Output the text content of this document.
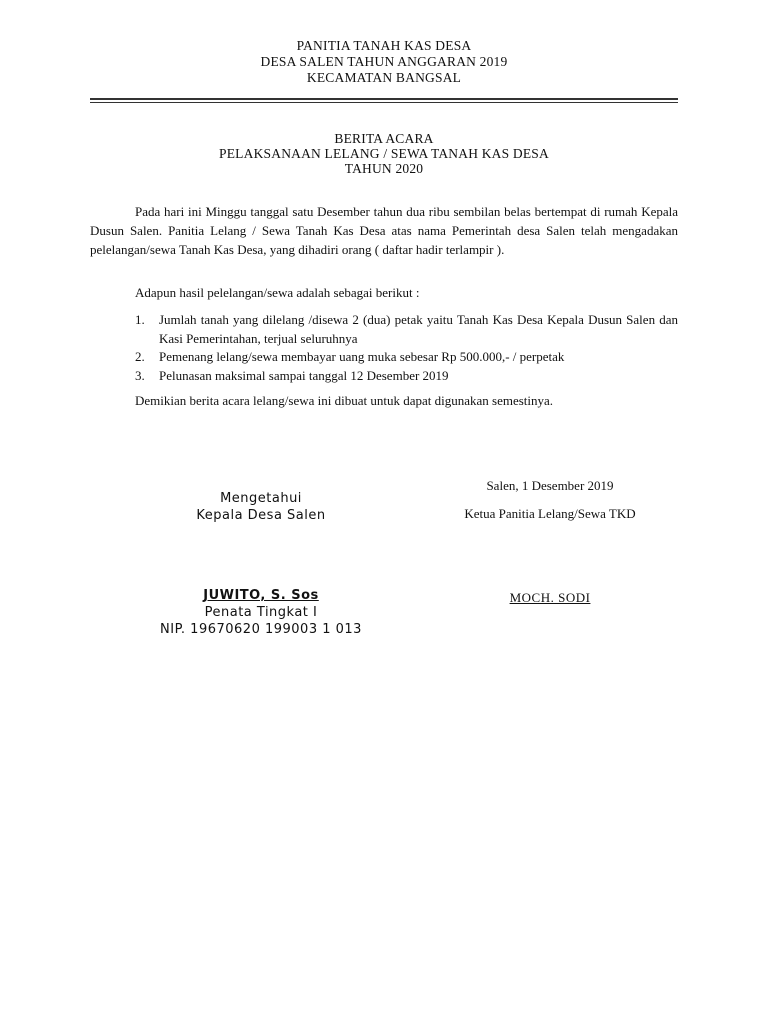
PANITIA TANAH KAS DESA
DESA SALEN TAHUN ANGGARAN 2019
KECAMATAN BANGSAL
BERITA ACARA
PELAKSANAAN LELANG / SEWA TANAH KAS DESA
TAHUN 2020
Pada hari ini Minggu tanggal satu Desember tahun dua ribu sembilan belas bertempat di rumah Kepala Dusun Salen. Panitia Lelang / Sewa Tanah Kas Desa atas nama Pemerintah desa Salen telah mengadakan pelelangan/sewa Tanah Kas Desa, yang dihadiri orang ( daftar hadir terlampir ).
Adapun hasil pelelangan/sewa adalah sebagai berikut :
1. Jumlah tanah yang dilelang /disewa 2 (dua) petak yaitu Tanah Kas Desa Kepala Dusun Salen dan Kasi Pemerintahan, terjual seluruhnya
2. Pemenang lelang/sewa membayar uang muka sebesar Rp 500.000,- / perpetak
3. Pelunasan maksimal sampai tanggal 12 Desember 2019
Demikian berita acara lelang/sewa ini dibuat untuk dapat digunakan semestinya.
Mengetahui
Kepala Desa Salen
JUWITO, S. Sos
Penata Tingkat I
NIP. 19670620 199003 1 013
Salen, 1 Desember 2019
Ketua Panitia Lelang/Sewa TKD
MOCH. SODI
